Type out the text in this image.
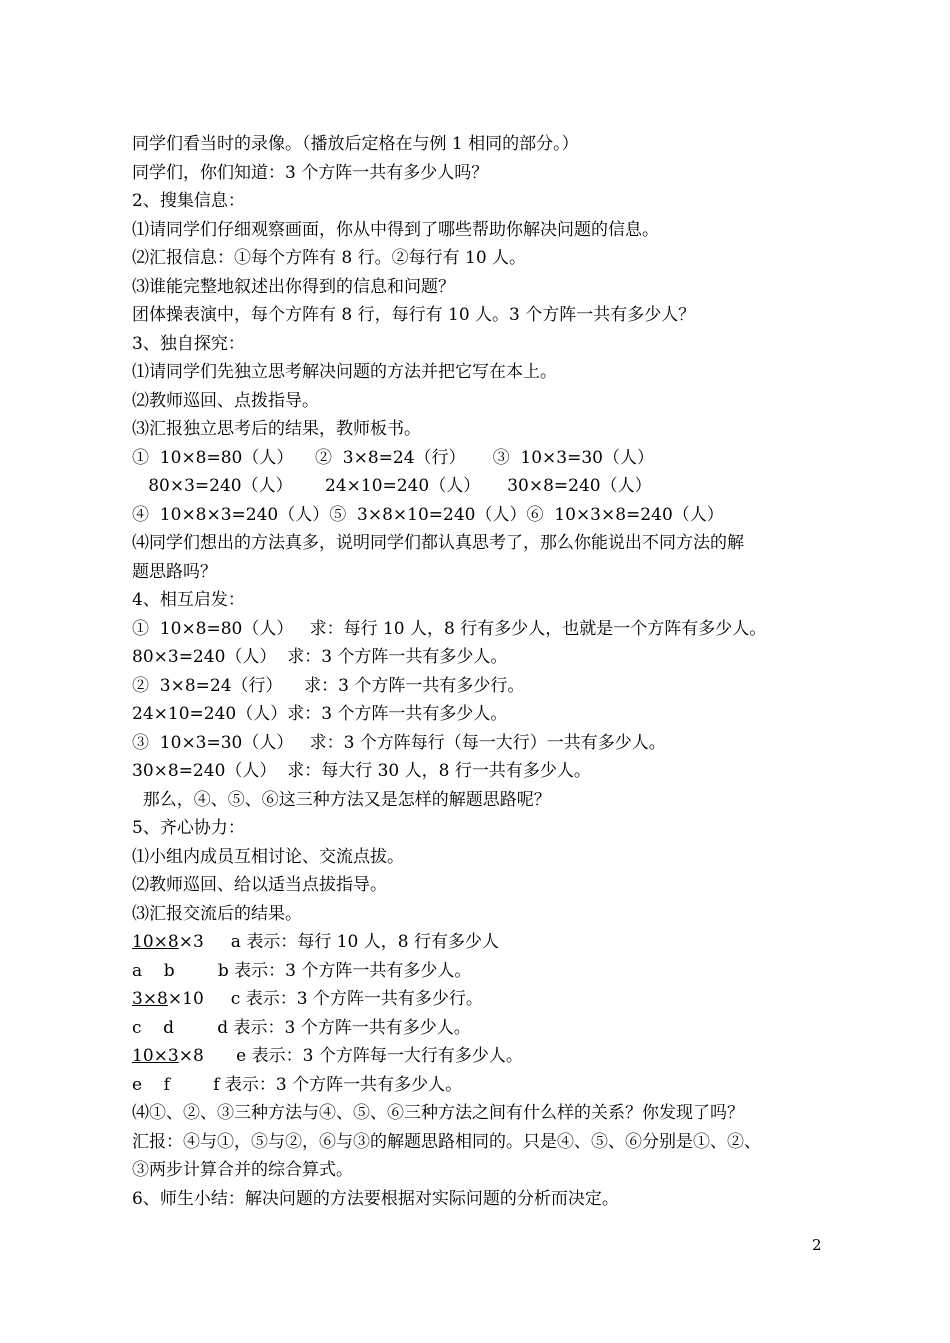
同学们看当时的录像。（播放后定格在与例 1 相同的部分。）
同学们，你们知道：3 个方阵一共有多少人吗？
2、搜集信息：
⑴请同学们仔细观察画面，你从中得到了哪些帮助你解决问题的信息。
⑵汇报信息：①每个方阵有 8 行。②每行有 10 人。
⑶谁能完整地叙述出你得到的信息和问题？
团体操表演中，每个方阵有 8 行，每行有 10 人。3 个方阵一共有多少人？
3、独自探究：
⑴请同学们先独立思考解决问题的方法并把它写在本上。
⑵教师巡回、点拨指导。
⑶汇报独立思考后的结果，教师板书。
①  10×8=80（人）    ②  3×8=24（行）     ③  10×3=30（人）
80×3=240（人）      24×10=240（人）     30×8=240（人）
④  10×8×3=240（人）⑤  3×8×10=240（人）⑥  10×3×8=240（人）
⑷同学们想出的方法真多，说明同学们都认真思考了，那么你能说出不同方法的解
题思路吗？
4、相互启发：
①  10×8=80（人）   求：每行 10 人，8 行有多少人，也就是一个方阵有多少人。
80×3=240（人）  求：3 个方阵一共有多少人。
②  3×8=24（行）    求：3 个方阵一共有多少行。
24×10=240（人）求：3 个方阵一共有多少人。
③  10×3=30（人）   求：3 个方阵每行（每一大行）一共有多少人。
30×8=240（人）  求：每大行 30 人，8 行一共有多少人。
那么，④、⑤、⑥这三种方法又是怎样的解题思路呢？
5、齐心协力：
⑴小组内成员互相讨论、交流点拔。
⑵教师巡回、给以适当点拔指导。
⑶汇报交流后的结果。
10×8×3     a 表示：每行 10 人，8 行有多少人
a    b        b 表示：3 个方阵一共有多少人。
3×8×10     c 表示：3 个方阵一共有多少行。
c    d        d 表示：3 个方阵一共有多少人。
10×3×8      e 表示：3 个方阵每一大行有多少人。
e    f        f 表示：3 个方阵一共有多少人。
⑷①、②、③三种方法与④、⑤、⑥三种方法之间有什么样的关系？你发现了吗？
汇报：④与①，⑤与②，⑥与③的解题思路相同的。只是④、⑤、⑥分别是①、②、
③两步计算合并的综合算式。
6、师生小结：解决问题的方法要根据对实际问题的分析而决定。
2
